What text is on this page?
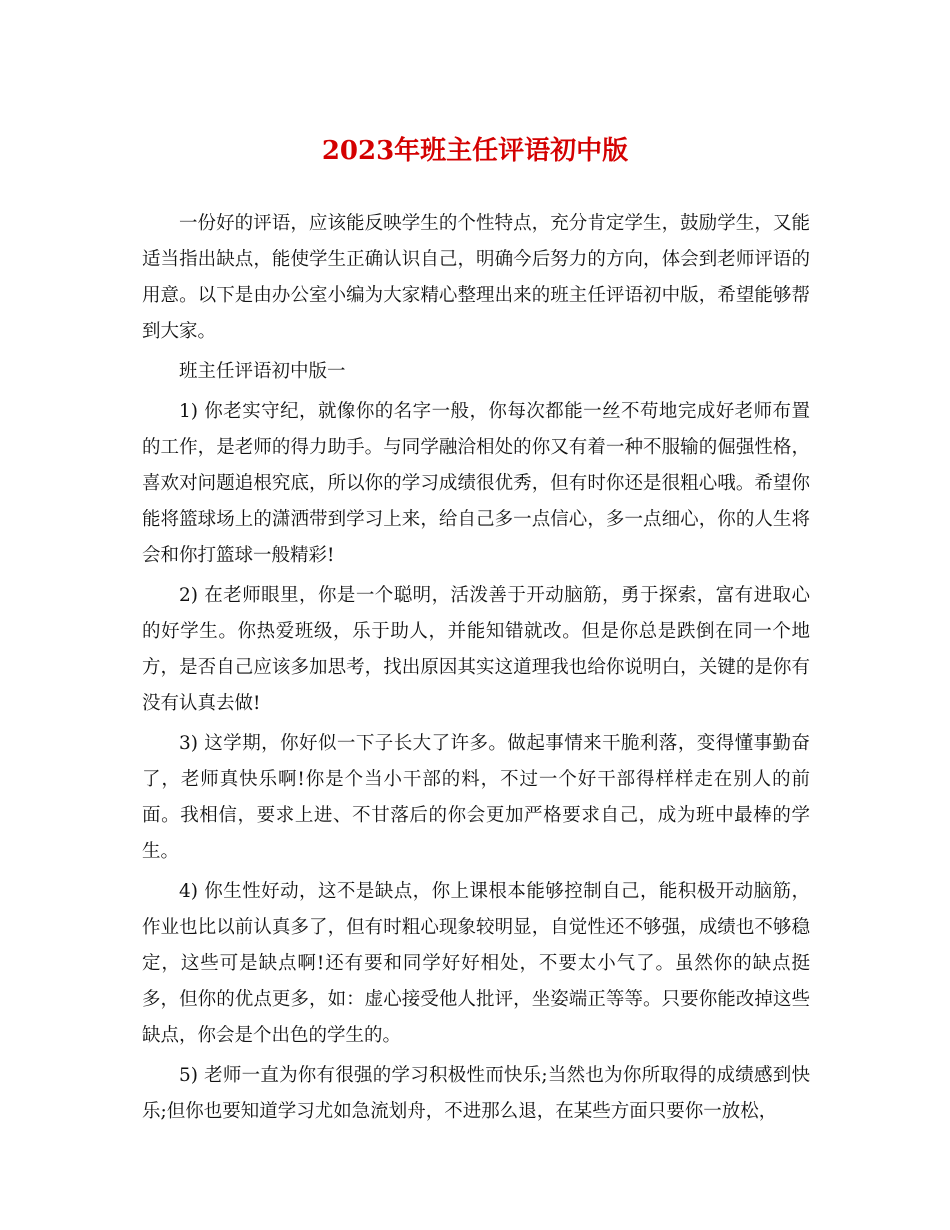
2023年班主任评语初中版

一份好的评语，应该能反映学生的个性特点，充分肯定学生，鼓励学生，又能适当指出缺点，能使学生正确认识自己，明确今后努力的方向，体会到老师评语的用意。以下是由办公室小编为大家精心整理出来的班主任评语初中版，希望能够帮到大家。

班主任评语初中版一

1) 你老实守纪，就像你的名字一般，你每次都能一丝不苟地完成好老师布置的工作，是老师的得力助手。与同学融洽相处的你又有着一种不服输的倔强性格，喜欢对问题追根究底，所以你的学习成绩很优秀，但有时你还是很粗心哦。希望你能将篮球场上的潇洒带到学习上来，给自己多一点信心，多一点细心，你的人生将会和你打篮球一般精彩!

2) 在老师眼里，你是一个聪明，活泼善于开动脑筋，勇于探索，富有进取心的好学生。你热爱班级，乐于助人，并能知错就改。但是你总是跌倒在同一个地方，是否自己应该多加思考，找出原因其实这道理我也给你说明白，关键的是你有没有认真去做!

3) 这学期，你好似一下子长大了许多。做起事情来干脆利落，变得懂事勤奋了，老师真快乐啊!你是个当小干部的料，不过一个好干部得样样走在别人的前面。我相信，要求上进、不甘落后的你会更加严格要求自己，成为班中最棒的学生。

4) 你生性好动，这不是缺点，你上课根本能够控制自己，能积极开动脑筋，作业也比以前认真多了，但有时粗心现象较明显，自觉性还不够强，成绩也不够稳定，这些可是缺点啊!还有要和同学好好相处，不要太小气了。虽然你的缺点挺多，但你的优点更多，如：虚心接受他人批评，坐姿端正等等。只要你能改掉这些缺点，你会是个出色的学生的。

5) 老师一直为你有很强的学习积极性而快乐;当然也为你所取得的成绩感到快乐;但你也要知道学习尤如急流划舟，不进那么退，在某些方面只要你一放松，
